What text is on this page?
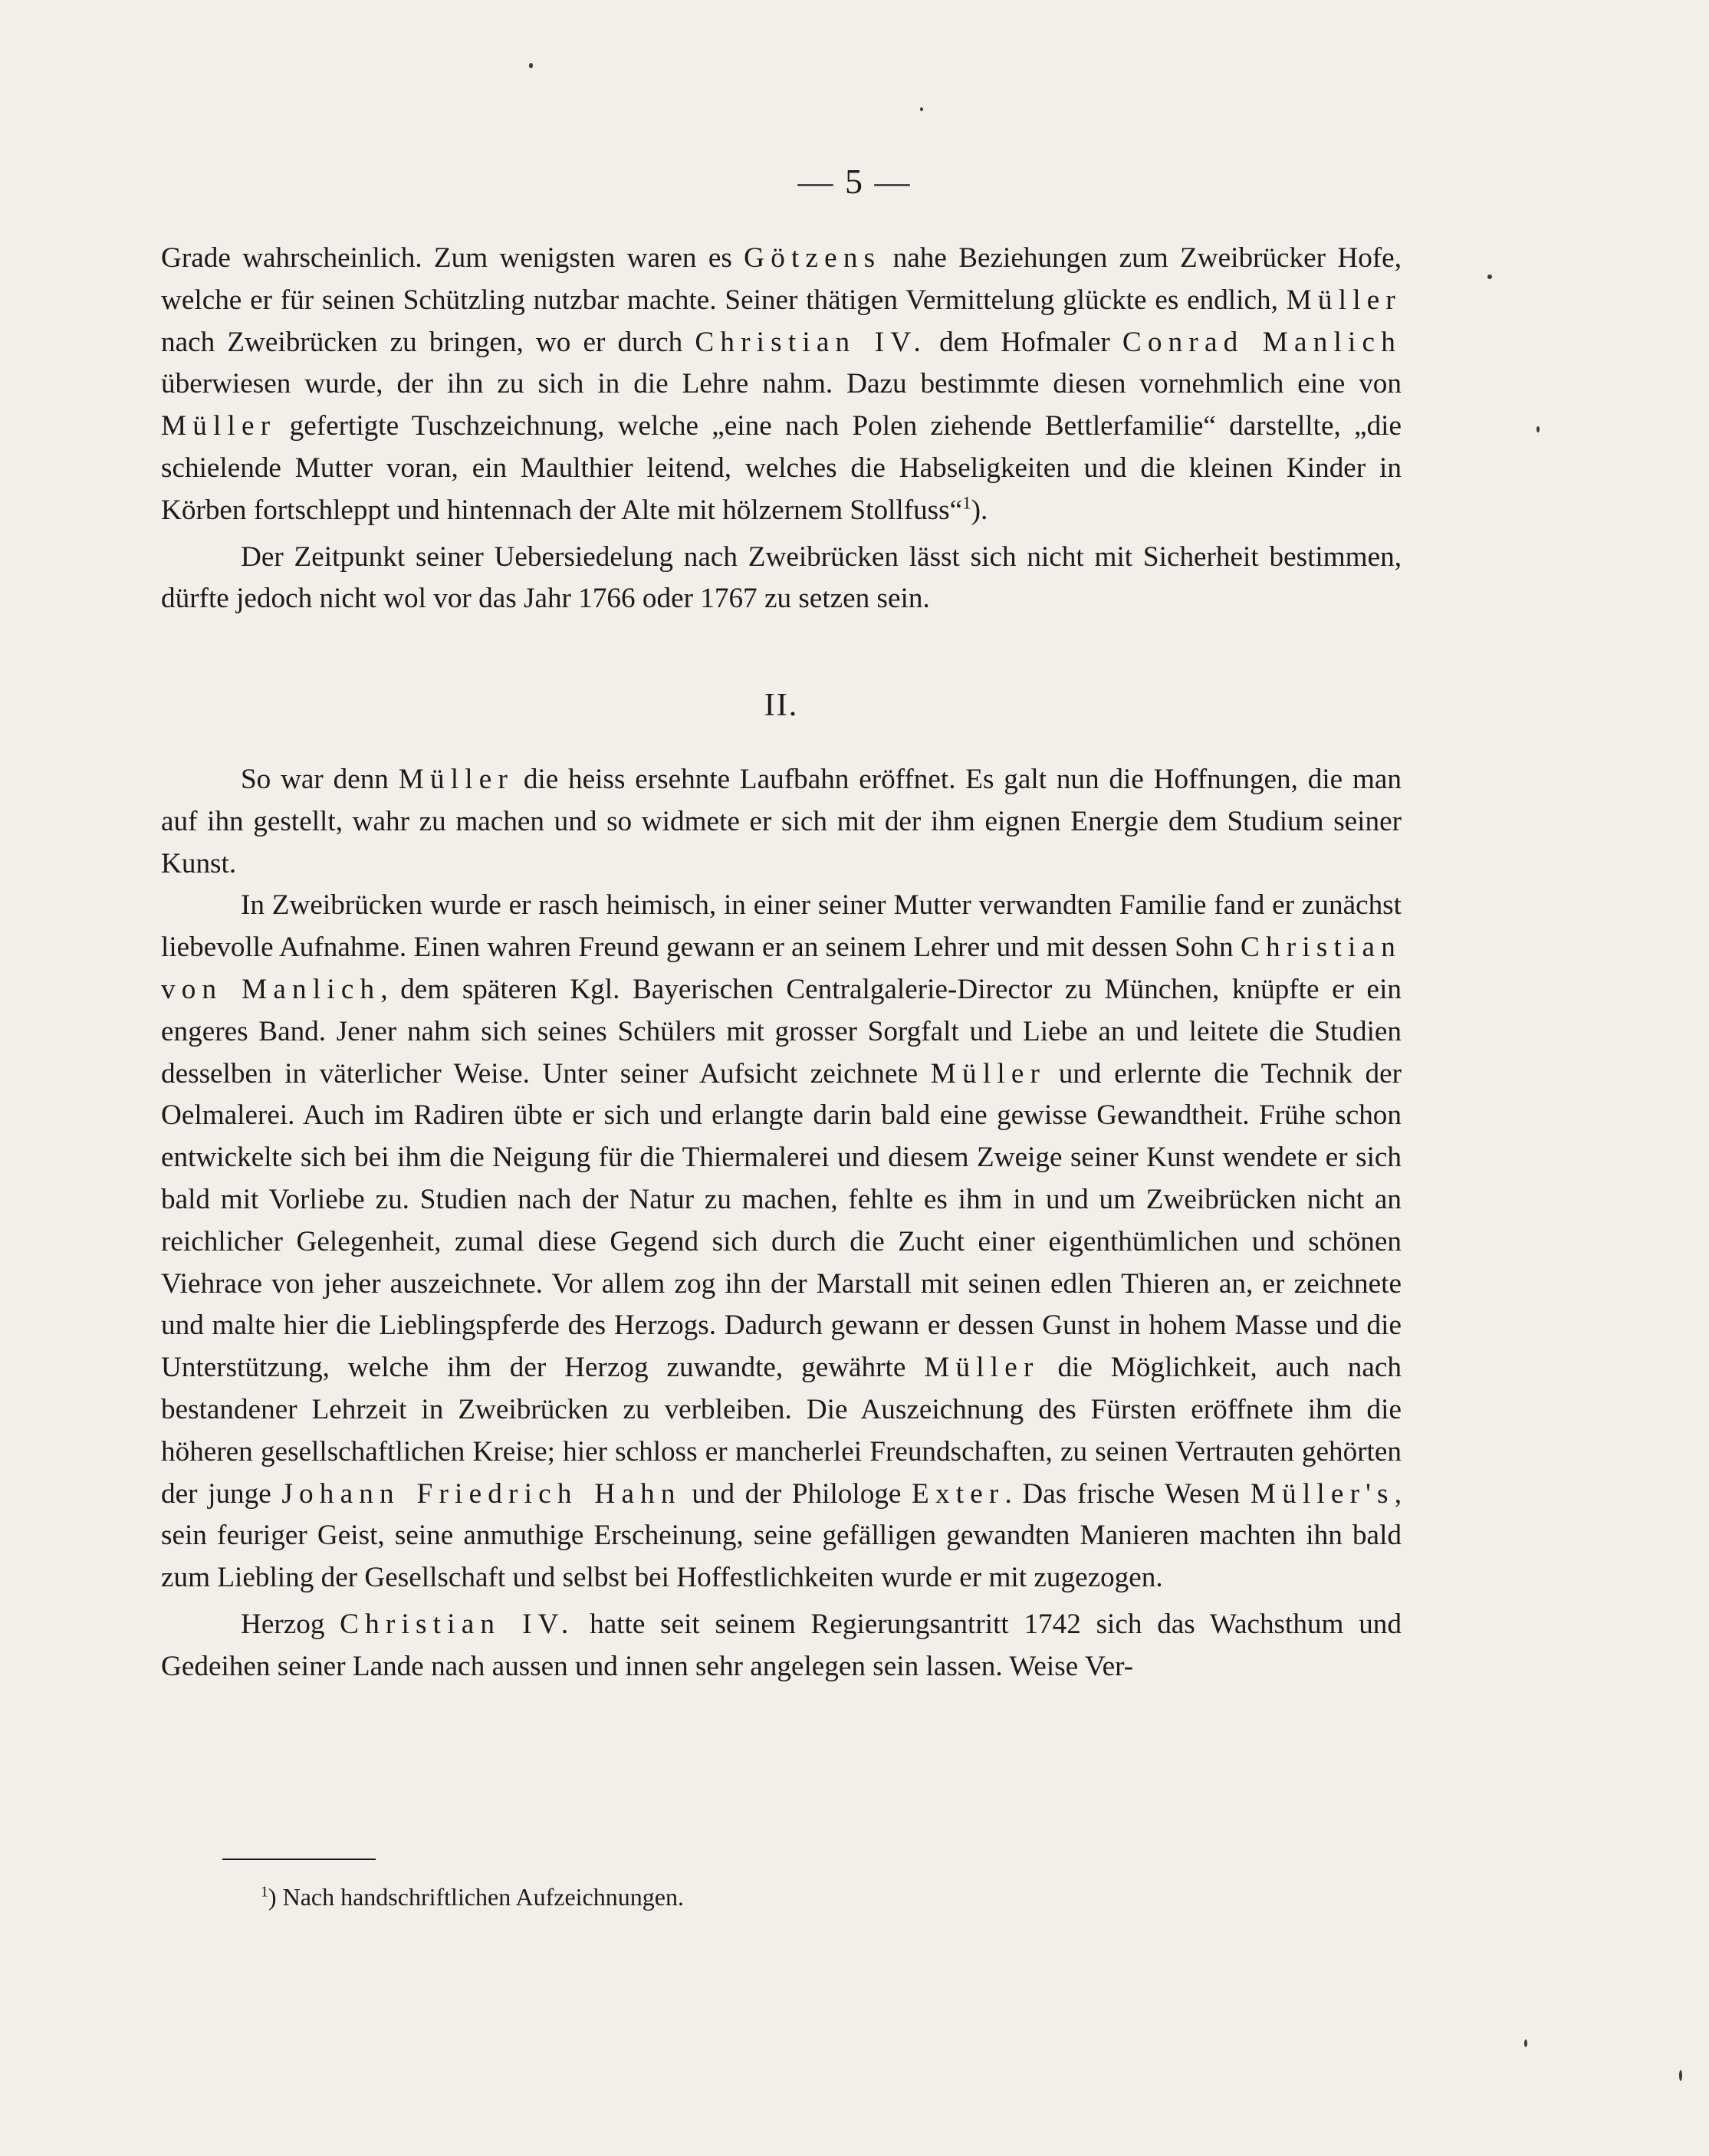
— 5 —

Grade wahrscheinlich. Zum wenigsten waren es Götzens nahe Beziehungen zum Zweibrücker Hofe, welche er für seinen Schützling nutzbar machte. Seiner thätigen Vermittelung glückte es endlich, Müller nach Zweibrücken zu bringen, wo er durch Christian IV. dem Hofmaler Conrad Manlich überwiesen wurde, der ihn zu sich in die Lehre nahm. Dazu bestimmte diesen vornehmlich eine von Müller gefertigte Tuschzeichnung, welche „eine nach Polen ziehende Bettlerfamilie“ darstellte, „die schielende Mutter voran, ein Maulthier leitend, welches die Habseligkeiten und die kleinen Kinder in Körben fortschleppt und hintennach der Alte mit hölzernem Stollfuss“$^1$).

Der Zeitpunkt seiner Uebersiedelung nach Zweibrücken lässt sich nicht mit Sicherheit bestimmen, dürfte jedoch nicht wol vor das Jahr 1766 oder 1767 zu setzen sein.

II.

So war denn Müller die heiss ersehnte Laufbahn eröffnet. Es galt nun die Hoffnungen, die man auf ihn gestellt, wahr zu machen und so widmete er sich mit der ihm eignen Energie dem Studium seiner Kunst.

In Zweibrücken wurde er rasch heimisch, in einer seiner Mutter verwandten Familie fand er zunächst liebevolle Aufnahme. Einen wahren Freund gewann er an seinem Lehrer und mit dessen Sohn Christian von Manlich, dem späteren Kgl. Bayerischen Centralgalerie-Director zu München, knüpfte er ein engeres Band. Jener nahm sich seines Schülers mit grosser Sorgfalt und Liebe an und leitete die Studien desselben in väterlicher Weise. Unter seiner Aufsicht zeichnete Müller und erlernte die Technik der Oelmalerei. Auch im Radiren übte er sich und erlangte darin bald eine gewisse Gewandtheit. Frühe schon entwickelte sich bei ihm die Neigung für die Thiermalerei und diesem Zweige seiner Kunst wendete er sich bald mit Vorliebe zu. Studien nach der Natur zu machen, fehlte es ihm in und um Zweibrücken nicht an reichlicher Gelegenheit, zumal diese Gegend sich durch die Zucht einer eigenthümlichen und schönen Viehrace von jeher auszeichnete. Vor allem zog ihn der Marstall mit seinen edlen Thieren an, er zeichnete und malte hier die Lieblingspferde des Herzogs. Dadurch gewann er dessen Gunst in hohem Masse und die Unterstützung, welche ihm der Herzog zuwandte, gewährte Müller die Möglichkeit, auch nach bestandener Lehrzeit in Zweibrücken zu verbleiben. Die Auszeichnung des Fürsten eröffnete ihm die höheren gesellschaftlichen Kreise; hier schloss er mancherlei Freundschaften, zu seinen Vertrauten gehörten der junge Johann Friedrich Hahn und der Philologe Exter. Das frische Wesen Müller's, sein feuriger Geist, seine anmuthige Erscheinung, seine gefälligen gewandten Manieren machten ihn bald zum Liebling der Gesellschaft und selbst bei Hoffestlichkeiten wurde er mit zugezogen.

Herzog Christian IV. hatte seit seinem Regierungsantritt 1742 sich das Wachsthum und Gedeihen seiner Lande nach aussen und innen sehr angelegen sein lassen. Weise Ver-

$^1$) Nach handschriftlichen Aufzeichnungen.
